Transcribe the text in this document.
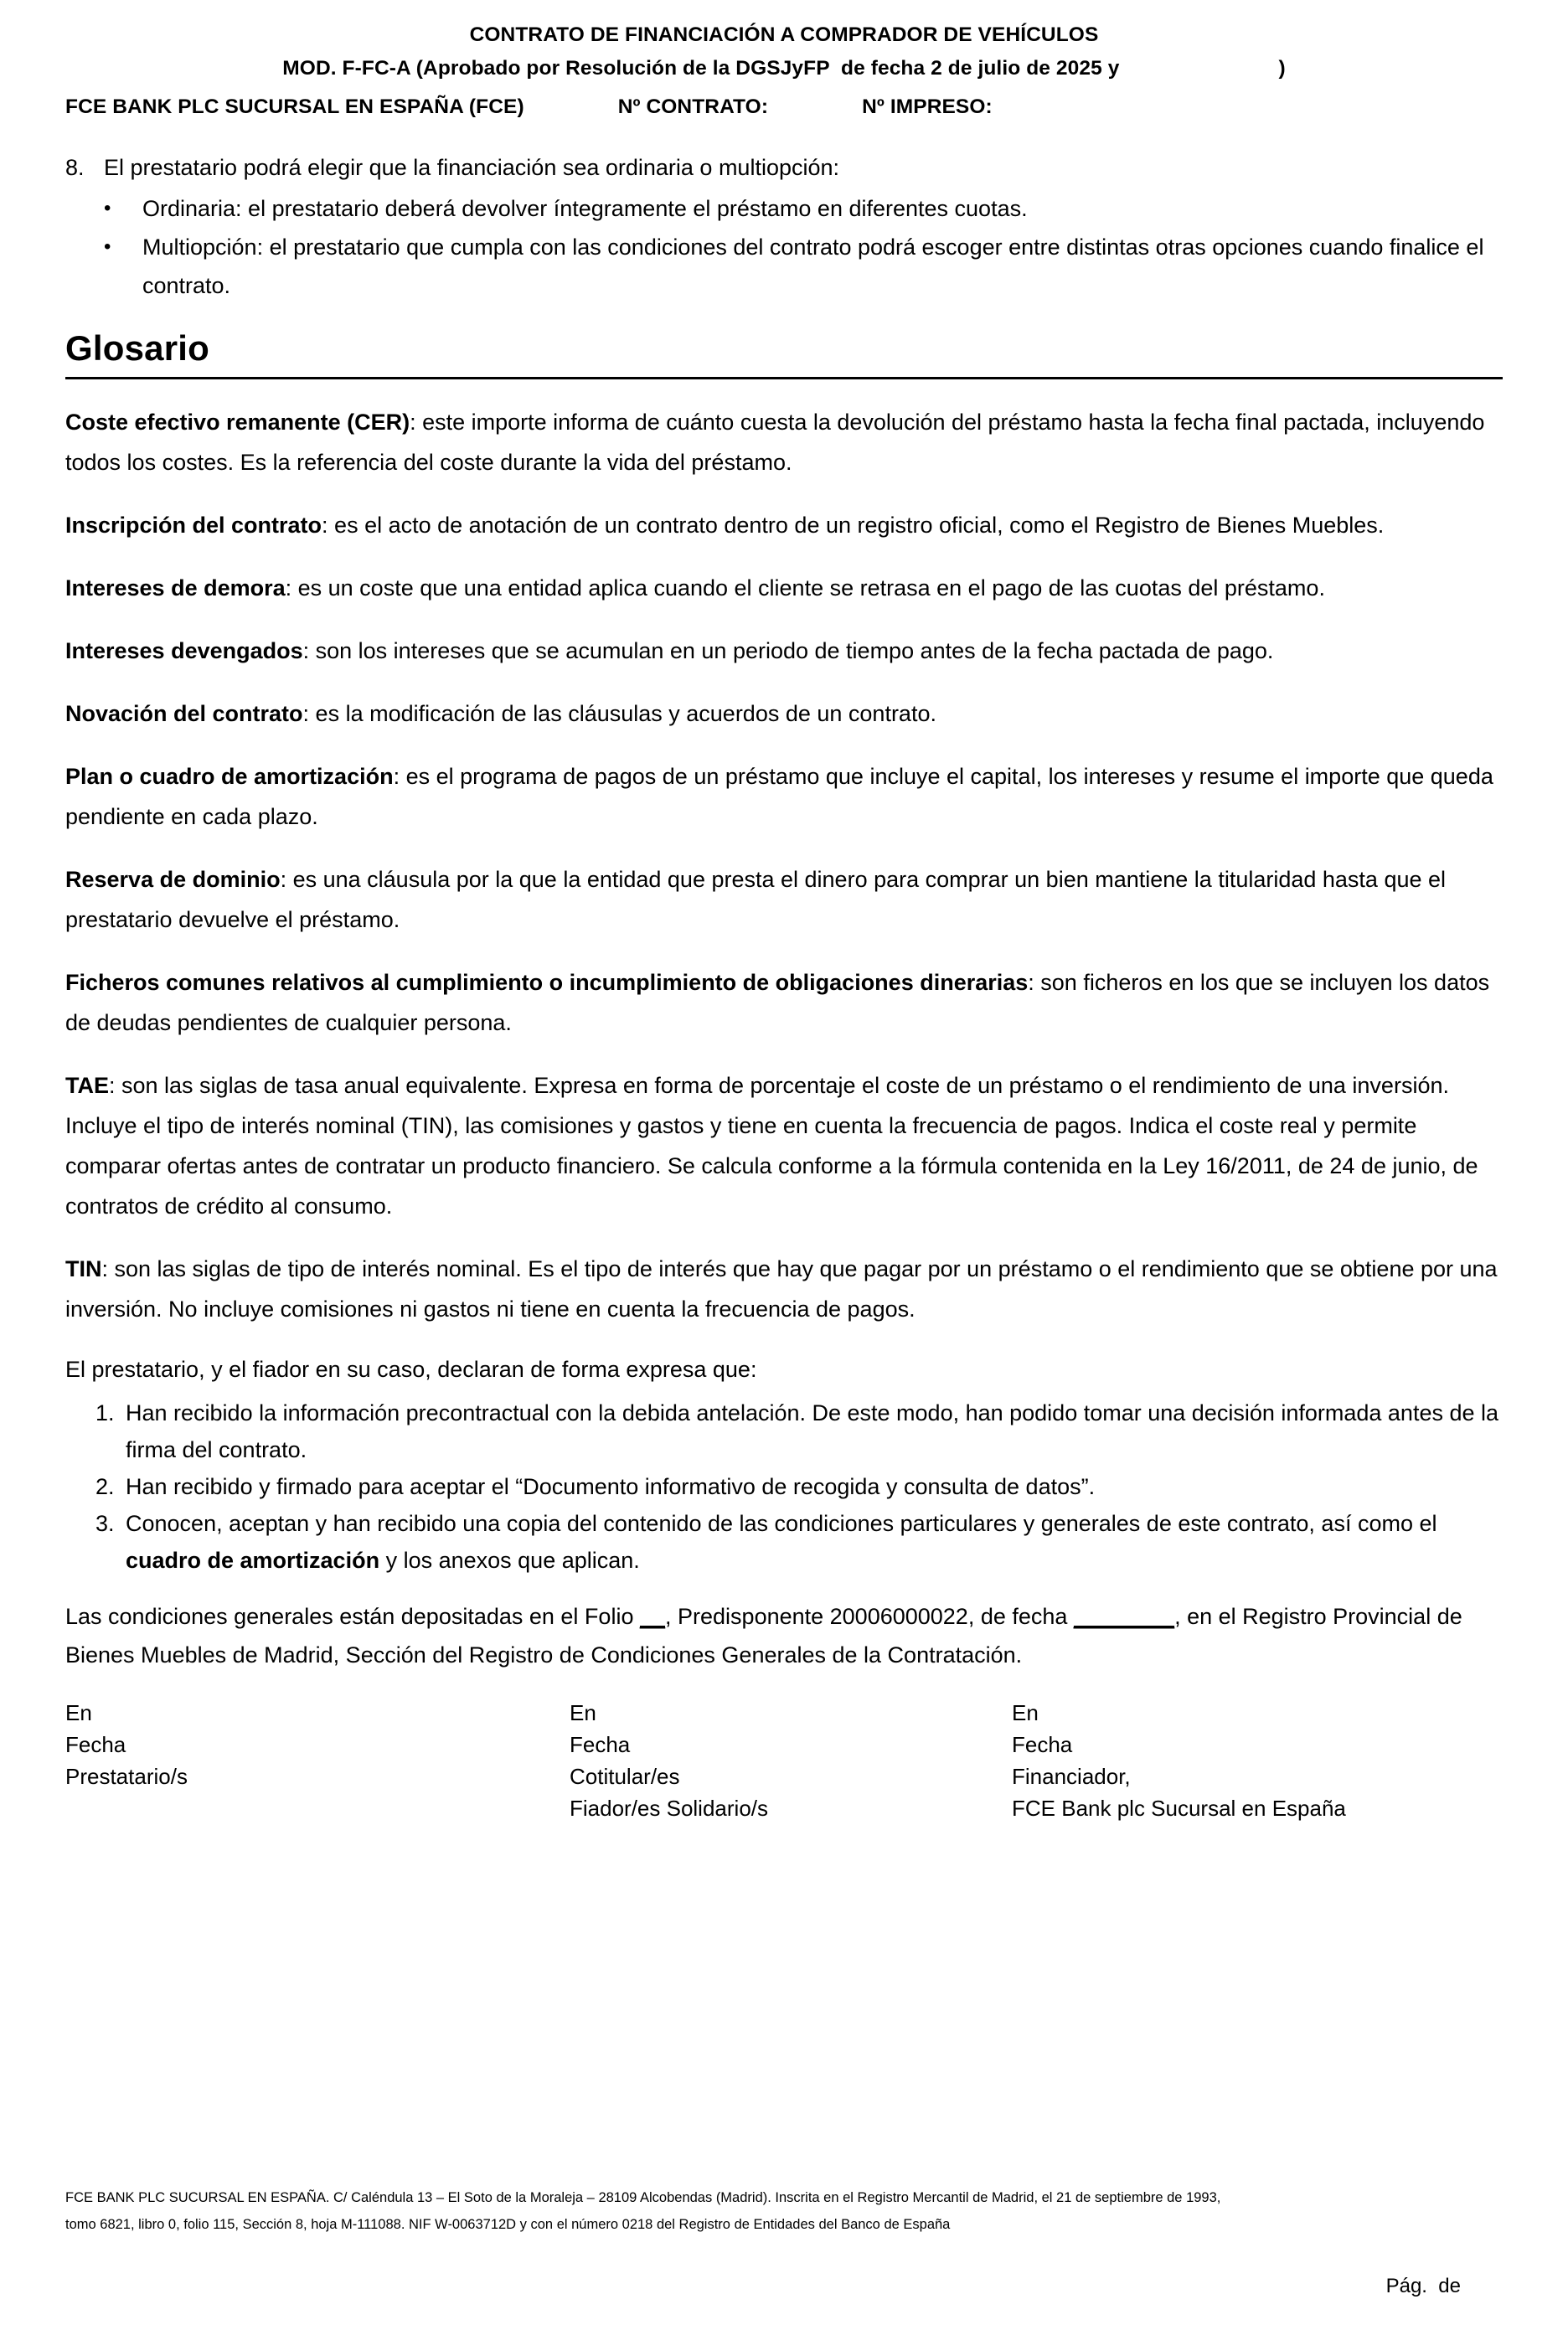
CONTRATO DE FINANCIACIÓN A COMPRADOR DE VEHÍCULOS
MOD. F-FC-A (Aprobado por Resolución de la DGSJyFP  de fecha 2 de julio de 2025 y	)
FCE BANK PLC SUCURSAL EN ESPAÑA (FCE)	Nº CONTRATO:	Nº IMPRESO:
8. El prestatario podrá elegir que la financiación sea ordinaria o multiopción:
•	Ordinaria: el prestatario deberá devolver íntegramente el préstamo en diferentes cuotas.
•	Multiopción: el prestatario que cumpla con las condiciones del contrato podrá escoger entre distintas otras opciones cuando finalice el contrato.
Glosario

Coste efectivo remanente (CER): este importe informa de cuánto cuesta la devolución del préstamo hasta la fecha final pactada, incluyendo todos los costes. Es la referencia del coste durante la vida del préstamo.

Inscripción del contrato: es el acto de anotación de un contrato dentro de un registro oficial, como el Registro de Bienes Muebles.

Intereses de demora: es un coste que una entidad aplica cuando el cliente se retrasa en el pago de las cuotas del préstamo.

Intereses devengados: son los intereses que se acumulan en un periodo de tiempo antes de la fecha pactada de pago.

Novación del contrato: es la modificación de las cláusulas y acuerdos de un contrato.

Plan o cuadro de amortización: es el programa de pagos de un préstamo que incluye el capital, los intereses y resume el importe que queda pendiente en cada plazo.

Reserva de dominio: es una cláusula por la que la entidad que presta el dinero para comprar un bien mantiene la titularidad hasta que el prestatario devuelve el préstamo.

Ficheros comunes relativos al cumplimiento o incumplimiento de obligaciones dinerarias: son ficheros en los que se incluyen los datos de deudas pendientes de cualquier persona.

TAE: son las siglas de tasa anual equivalente. Expresa en forma de porcentaje el coste de un préstamo o el rendimiento de una inversión. Incluye el tipo de interés nominal (TIN), las comisiones y gastos y tiene en cuenta la frecuencia de pagos. Indica el coste real y permite comparar ofertas antes de contratar un producto financiero. Se calcula conforme a la fórmula contenida en la Ley 16/2011, de 24 de junio, de contratos de crédito al consumo.

TIN: son las siglas de tipo de interés nominal. Es el tipo de interés que hay que pagar por un préstamo o el rendimiento que se obtiene por una inversión. No incluye comisiones ni gastos ni tiene en cuenta la frecuencia de pagos.

El prestatario, y el fiador en su caso, declaran de forma expresa que:
1. Han recibido la información precontractual con la debida antelación. De este modo, han podido tomar una decisión informada antes de la firma del contrato.
2. Han recibido y firmado para aceptar el “Documento informativo de recogida y consulta de datos”.
3. Conocen, aceptan y han recibido una copia del contenido de las condiciones particulares y generales de este contrato, así como el cuadro de amortización y los anexos que aplican.

Las condiciones generales están depositadas en el Folio __, Predisponente 20006000022, de fecha ________, en el Registro Provincial de Bienes Muebles de Madrid, Sección del Registro de Condiciones Generales de la Contratación.

En
Fecha
Prestatario/s
En
Fecha
Cotitular/es
Fiador/es Solidario/s
En
Fecha
Financiador,
FCE Bank plc Sucursal en España
FCE BANK PLC SUCURSAL EN ESPAÑA. C/ Caléndula 13 – El Soto de la Moraleja – 28109 Alcobendas (Madrid). Inscrita en el Registro Mercantil de Madrid, el 21 de septiembre de 1993,
tomo 6821, libro 0, folio 115, Sección 8, hoja M-111088. NIF W-0063712D y con el número 0218 del Registro de Entidades del Banco de España
Pág.  de
